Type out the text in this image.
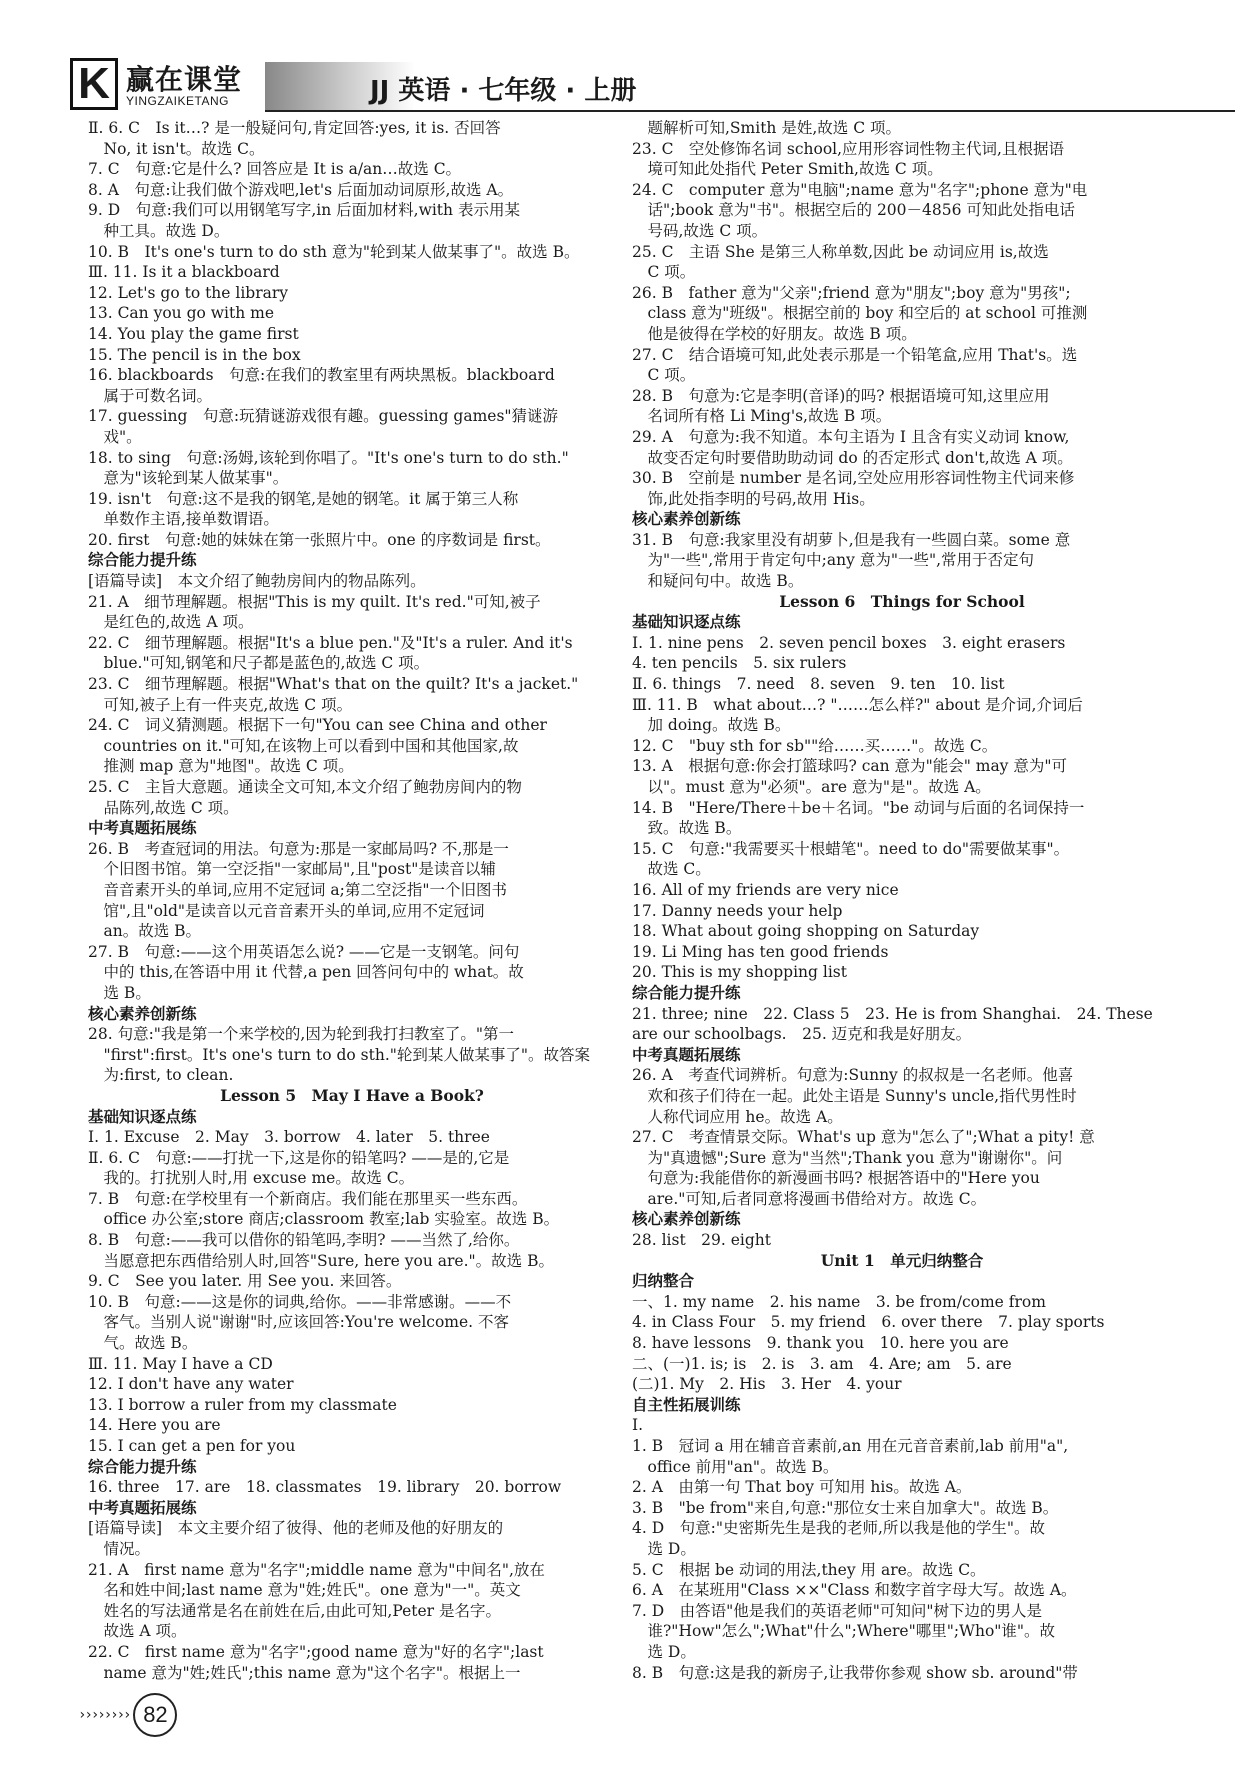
K 赢在课堂
YINGZAIKETANG	JJ 英语 · 七年级 · 上册
Ⅱ. 6. C　Is it…? 是一般疑问句,肯定回答:yes, it is. 否回答
　No, it isn't。故选 C。
7. C　句意:它是什么? 回答应是 It is a/an…故选 C。
8. A　句意:让我们做个游戏吧,let's 后面加动词原形,故选 A。
9. D　句意:我们可以用钢笔写字,in 后面加材料,with 表示用某
　种工具。故选 D。
10. B　It's one's turn to do sth 意为"轮到某人做某事了"。故选 B。
Ⅲ. 11. Is it a blackboard
12. Let's go to the library
13. Can you go with me
14. You play the game first
15. The pencil is in the box
16. blackboards　句意:在我们的教室里有两块黑板。blackboard
　属于可数名词。
17. guessing　句意:玩猜谜游戏很有趣。guessing games"猜谜游
　戏"。
18. to sing　句意:汤姆,该轮到你唱了。"It's one's turn to do sth."
　意为"该轮到某人做某事"。
19. isn't　句意:这不是我的钢笔,是她的钢笔。it 属于第三人称
　单数作主语,接单数谓语。
20. first　句意:她的妹妹在第一张照片中。one 的序数词是 first。
综合能力提升练
[语篇导读]　本文介绍了鲍勃房间内的物品陈列。
21. A　细节理解题。根据"This is my quilt. It's red."可知,被子
　是红色的,故选 A 项。
22. C　细节理解题。根据"It's a blue pen."及"It's a ruler. And it's
　blue."可知,钢笔和尺子都是蓝色的,故选 C 项。
23. C　细节理解题。根据"What's that on the quilt? It's a jacket."
　可知,被子上有一件夹克,故选 C 项。
24. C　词义猜测题。根据下一句"You can see China and other
　countries on it."可知,在该物上可以看到中国和其他国家,故
　推测 map 意为"地图"。故选 C 项。
25. C　主旨大意题。通读全文可知,本文介绍了鲍勃房间内的物
　品陈列,故选 C 项。
中考真题拓展练
26. B　考查冠词的用法。句意为:那是一家邮局吗? 不,那是一
　个旧图书馆。第一空泛指"一家邮局",且"post"是读音以辅
　音音素开头的单词,应用不定冠词 a;第二空泛指"一个旧图书
　馆",且"old"是读音以元音音素开头的单词,应用不定冠词
　an。故选 B。
27. B　句意:——这个用英语怎么说? ——它是一支钢笔。问句
　中的 this,在答语中用 it 代替,a pen 回答问句中的 what。故
　选 B。
核心素养创新练
28. 句意:"我是第一个来学校的,因为轮到我打扫教室了。"第一
　"first":first。It's one's turn to do sth."轮到某人做某事了"。故答案
　为:first, to clean.
Lesson 5　May I Have a Book?
基础知识逐点练
Ⅰ. 1. Excuse　2. May　3. borrow　4. later　5. three
Ⅱ. 6. C　句意:——打扰一下,这是你的铅笔吗? ——是的,它是
　我的。打扰别人时,用 excuse me。故选 C。
7. B　句意:在学校里有一个新商店。我们能在那里买一些东西。
　office 办公室;store 商店;classroom 教室;lab 实验室。故选 B。
8. B　句意:——我可以借你的铅笔吗,李明? ——当然了,给你。
　当愿意把东西借给别人时,回答"Sure, here you are."。故选 B。
9. C　See you later. 用 See you. 来回答。
10. B　句意:——这是你的词典,给你。——非常感谢。——不
　客气。当别人说"谢谢"时,应该回答:You're welcome. 不客
　气。故选 B。
Ⅲ. 11. May I have a CD
12. I don't have any water
13. I borrow a ruler from my classmate
14. Here you are
15. I can get a pen for you
综合能力提升练
16. three　17. are　18. classmates　19. library　20. borrow
中考真题拓展练
[语篇导读]　本文主要介绍了彼得、他的老师及他的好朋友的
　情况。
21. A　first name 意为"名字";middle name 意为"中间名",放在
　名和姓中间;last name 意为"姓;姓氏"。one 意为"一"。英文
　姓名的写法通常是名在前姓在后,由此可知,Peter 是名字。
　故选 A 项。
22. C　first name 意为"名字";good name 意为"好的名字";last
　name 意为"姓;姓氏";this name 意为"这个名字"。根据上一
　题解析可知,Smith 是姓,故选 C 项。
23. C　空处修饰名词 school,应用形容词性物主代词,且根据语
　境可知此处指代 Peter Smith,故选 C 项。
24. C　computer 意为"电脑";name 意为"名字";phone 意为"电
　话";book 意为"书"。根据空后的 200－4856 可知此处指电话
　号码,故选 C 项。
25. C　主语 She 是第三人称单数,因此 be 动词应用 is,故选
　C 项。
26. B　father 意为"父亲";friend 意为"朋友";boy 意为"男孩";
　class 意为"班级"。根据空前的 boy 和空后的 at school 可推测
　他是彼得在学校的好朋友。故选 B 项。
27. C　结合语境可知,此处表示那是一个铅笔盒,应用 That's。选
　C 项。
28. B　句意为:它是李明(音译)的吗? 根据语境可知,这里应用
　名词所有格 Li Ming's,故选 B 项。
29. A　句意为:我不知道。本句主语为 I 且含有实义动词 know,
　故变否定句时要借助助动词 do 的否定形式 don't,故选 A 项。
30. B　空前是 number 是名词,空处应用形容词性物主代词来修
　饰,此处指李明的号码,故用 His。
核心素养创新练
31. B　句意:我家里没有胡萝卜,但是我有一些圆白菜。some 意
　为"一些",常用于肯定句中;any 意为"一些",常用于否定句
　和疑问句中。故选 B。
Lesson 6　Things for School
基础知识逐点练
Ⅰ. 1. nine pens　2. seven pencil boxes　3. eight erasers
4. ten pencils　5. six rulers
Ⅱ. 6. things　7. need　8. seven　9. ten　10. list
Ⅲ. 11. B　what about…? "……怎么样?" about 是介词,介词后
　加 doing。故选 B。
12. C　"buy sth for sb""给……买……"。故选 C。
13. A　根据句意:你会打篮球吗? can 意为"能会" may 意为"可
　以"。must 意为"必须"。are 意为"是"。故选 A。
14. B　"Here/There＋be＋名词。"be 动词与后面的名词保持一
　致。故选 B。
15. C　句意:"我需要买十根蜡笔"。need to do"需要做某事"。
　故选 C。
16. All of my friends are very nice
17. Danny needs your help
18. What about going shopping on Saturday
19. Li Ming has ten good friends
20. This is my shopping list
综合能力提升练
21. three; nine　22. Class 5　23. He is from Shanghai.　24. These
are our schoolbags.　25. 迈克和我是好朋友。
中考真题拓展练
26. A　考查代词辨析。句意为:Sunny 的叔叔是一名老师。他喜
　欢和孩子们待在一起。此处主语是 Sunny's uncle,指代男性时
　人称代词应用 he。故选 A。
27. C　考查情景交际。What's up 意为"怎么了";What a pity! 意
　为"真遗憾";Sure 意为"当然";Thank you 意为"谢谢你"。问
　句意为:我能借你的新漫画书吗? 根据答语中的"Here you
　are."可知,后者同意将漫画书借给对方。故选 C。
核心素养创新练
28. list　29. eight
Unit 1　单元归纳整合
归纳整合
一、1. my name　2. his name　3. be from/come from
4. in Class Four　5. my friend　6. over there　7. play sports
8. have lessons　9. thank you　10. here you are
二、(一)1. is; is　2. is　3. am　4. Are; am　5. are
(二)1. My　2. His　3. Her　4. your
自主性拓展训练
Ⅰ.
1. B　冠词 a 用在辅音音素前,an 用在元音音素前,lab 前用"a",
　office 前用"an"。故选 B。
2. A　由第一句 That boy 可知用 his。故选 A。
3. B　"be from"来自,句意:"那位女士来自加拿大"。故选 B。
4. D　句意:"史密斯先生是我的老师,所以我是他的学生"。故
　选 D。
5. C　根据 be 动词的用法,they 用 are。故选 C。
6. A　在某班用"Class ××"Class 和数字首字母大写。故选 A。
7. D　由答语"他是我们的英语老师"可知问"树下边的男人是
　谁?"How"怎么";What"什么";Where"哪里";Who"谁"。故
　选 D。
8. B　句意:这是我的新房子,让我带你参观 show sb. around"带
›››››››› 82
